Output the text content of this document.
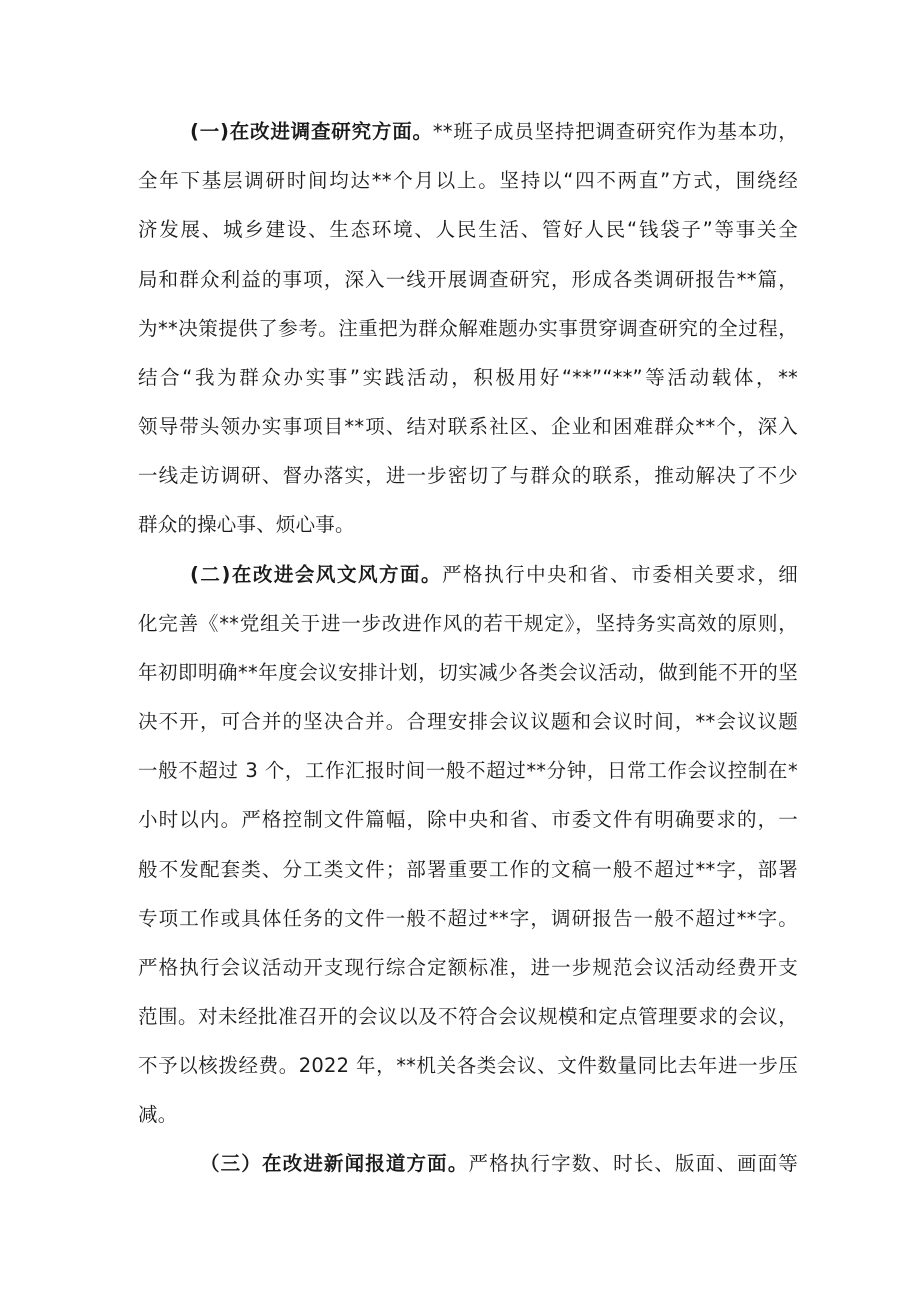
(一)在改进调查研究方面。**班子成员坚持把调查研究作为基本功，
全年下基层调研时间均达**个月以上。坚持以“四不两直”方式，围绕经
济发展、城乡建设、生态环境、人民生活、管好人民“钱袋子”等事关全
局和群众利益的事项，深入一线开展调查研究，形成各类调研报告**篇，
为**决策提供了参考。注重把为群众解难题办实事贯穿调查研究的全过程，
结合“我为群众办实事”实践活动，积极用好“**”“**”等活动载体，**
领导带头领办实事项目**项、结对联系社区、企业和困难群众**个，深入
一线走访调研、督办落实，进一步密切了与群众的联系，推动解决了不少
群众的操心事、烦心事。
(二)在改进会风文风方面。严格执行中央和省、市委相关要求，细
化完善《**党组关于进一步改进作风的若干规定》，坚持务实高效的原则，
年初即明确**年度会议安排计划，切实减少各类会议活动，做到能不开的坚
决不开，可合并的坚决合并。合理安排会议议题和会议时间，**会议议题
一般不超过 3 个，工作汇报时间一般不超过**分钟，日常工作会议控制在*
小时以内。严格控制文件篇幅，除中央和省、市委文件有明确要求的，一
般不发配套类、分工类文件；部署重要工作的文稿一般不超过**字，部署
专项工作或具体任务的文件一般不超过**字，调研报告一般不超过**字。
严格执行会议活动开支现行综合定额标准，进一步规范会议活动经费开支
范围。对未经批准召开的会议以及不符合会议规模和定点管理要求的会议，
不予以核拨经费。2022 年，**机关各类会议、文件数量同比去年进一步压
减。
（三）在改进新闻报道方面。严格执行字数、时长、版面、画面等
